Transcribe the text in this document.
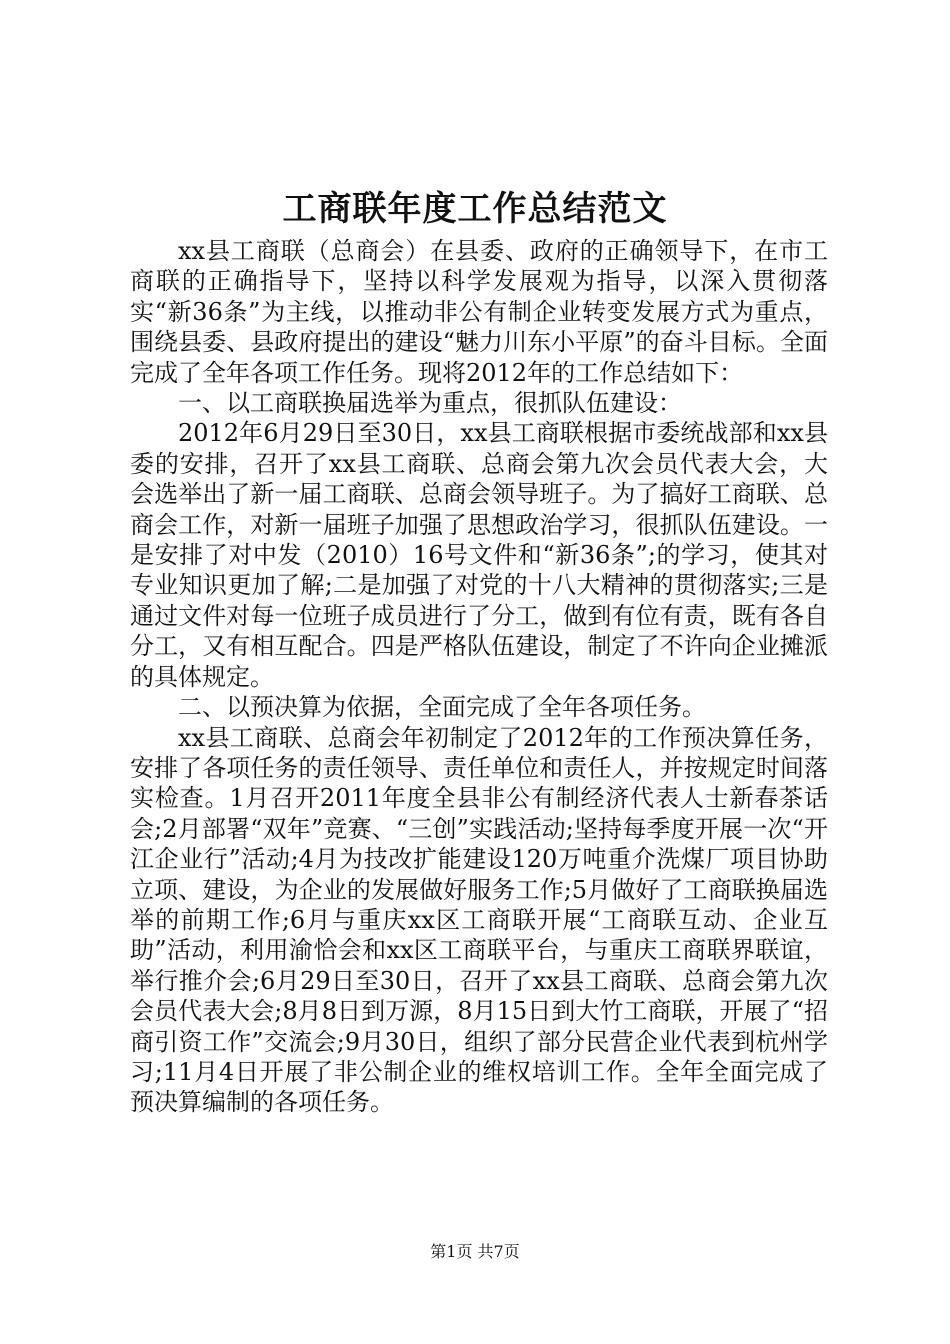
工商联年度工作总结范文

xx县工商联（总商会）在县委、政府的正确领导下，在市工商联的正确指导下，坚持以科学发展观为指导，以深入贯彻落实“新36条”为主线，以推动非公有制企业转变发展方式为重点，围绕县委、县政府提出的建设“魅力川东小平原”的奋斗目标。全面完成了全年各项工作任务。现将2012年的工作总结如下：

一、以工商联换届选举为重点，很抓队伍建设：

2012年6月29日至30日，xx县工商联根据市委统战部和xx县委的安排，召开了xx县工商联、总商会第九次会员代表大会，大会选举出了新一届工商联、总商会领导班子。为了搞好工商联、总商会工作，对新一届班子加强了思想政治学习，很抓队伍建设。一是安排了对中发（2010）16号文件和“新36条”;的学习，使其对专业知识更加了解;二是加强了对党的十八大精神的贯彻落实;三是通过文件对每一位班子成员进行了分工，做到有位有责，既有各自分工，又有相互配合。四是严格队伍建设，制定了不许向企业摊派的具体规定。

二、以预决算为依据，全面完成了全年各项任务。

xx县工商联、总商会年初制定了2012年的工作预决算任务，安排了各项任务的责任领导、责任单位和责任人，并按规定时间落实检查。1月召开2011年度全县非公有制经济代表人士新春茶话会;2月部署“双年”竞赛、“三创”实践活动;坚持每季度开展一次“开江企业行”活动;4月为技改扩能建设120万吨重介洗煤厂项目协助立项、建设，为企业的发展做好服务工作;5月做好了工商联换届选举的前期工作;6月与重庆xx区工商联开展“工商联互动、企业互助”活动，利用渝恰会和xx区工商联平台，与重庆工商联界联谊，举行推介会;6月29日至30日，召开了xx县工商联、总商会第九次会员代表大会;8月8日到万源，8月15日到大竹工商联，开展了“招商引资工作”交流会;9月30日，组织了部分民营企业代表到杭州学习;11月4日开展了非公制企业的维权培训工作。全年全面完成了预决算编制的各项任务。

第1页 共7页
